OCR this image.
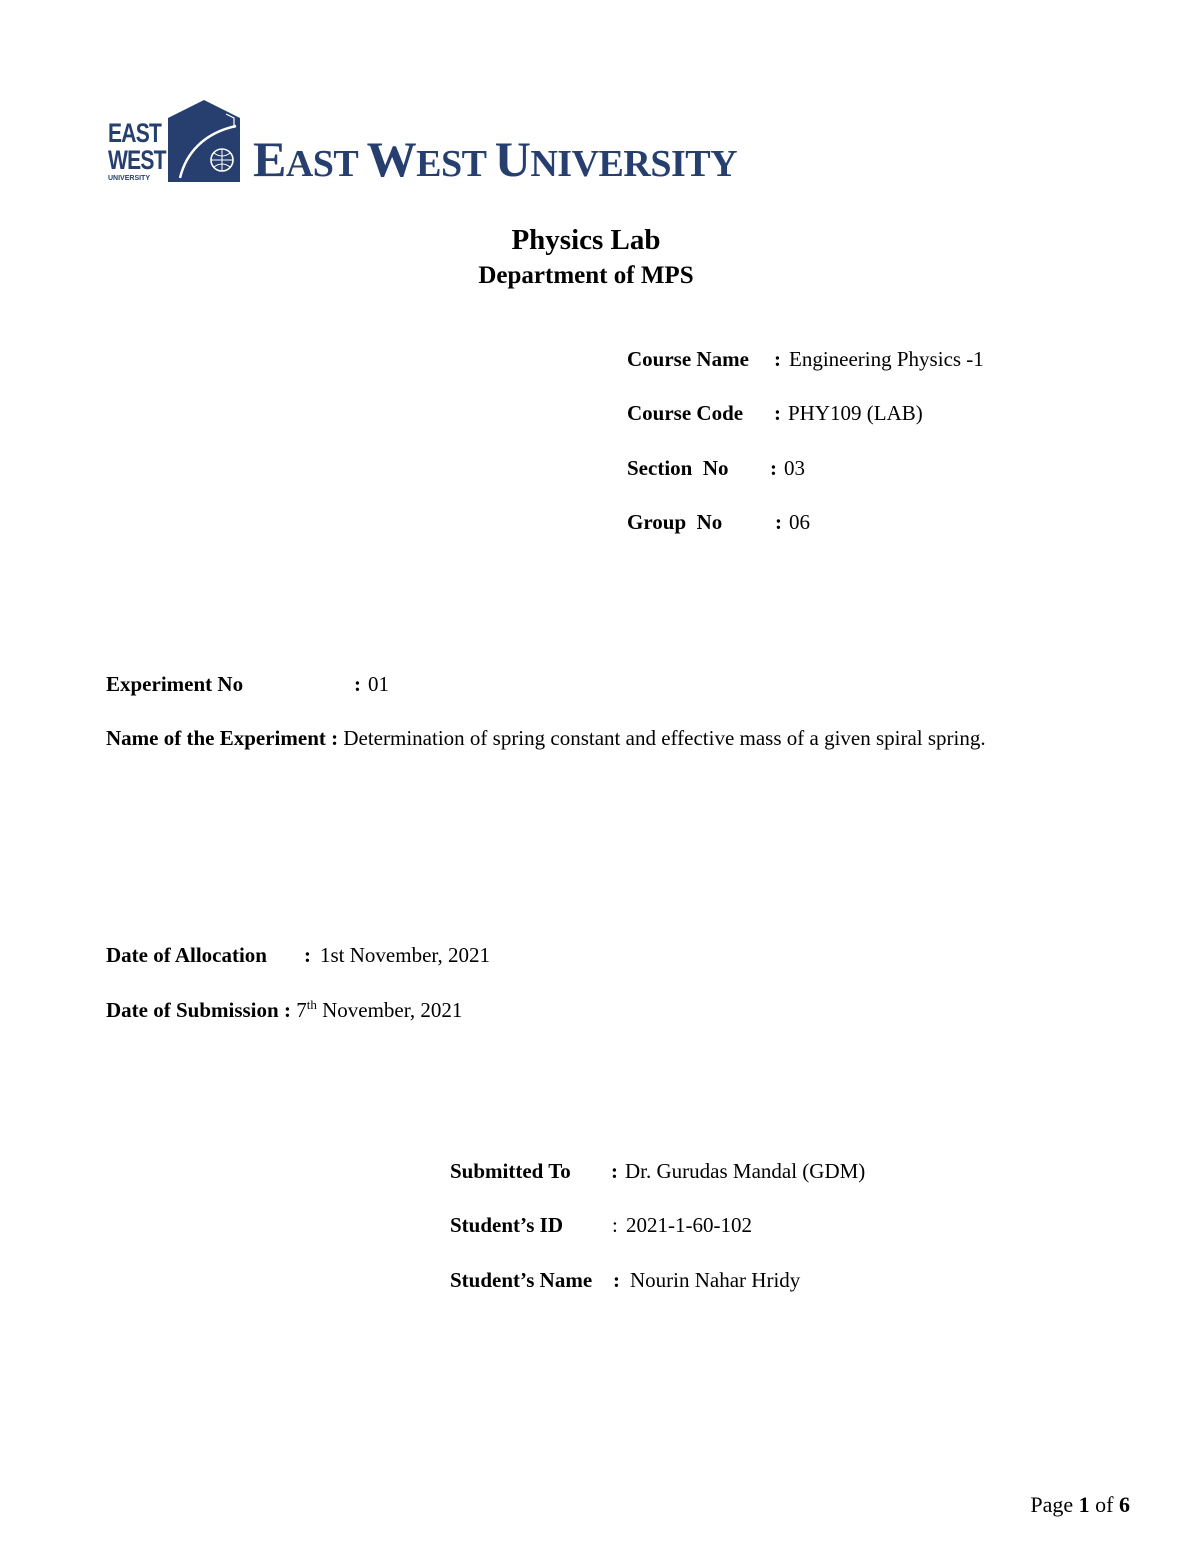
EAST
WEST
UNIVERSITY EAST WEST UNIVERSITY
Physics Lab
Department of MPS
Course Name : Engineering Physics -1
Course Code : PHY109 (LAB)
Section  No : 03
Group  No	: 06
Experiment No	: 01
Name of the Experiment : Determination of spring constant and effective mass of a given spiral spring.
Date of Allocation : 1st November, 2021
Date of Submission : 7th November, 2021
Submitted To : Dr. Gurudas Mandal (GDM)
Student’s ID : 2021-1-60-102
Student’s Name : Nourin Nahar Hridy
Page 1 of 6
